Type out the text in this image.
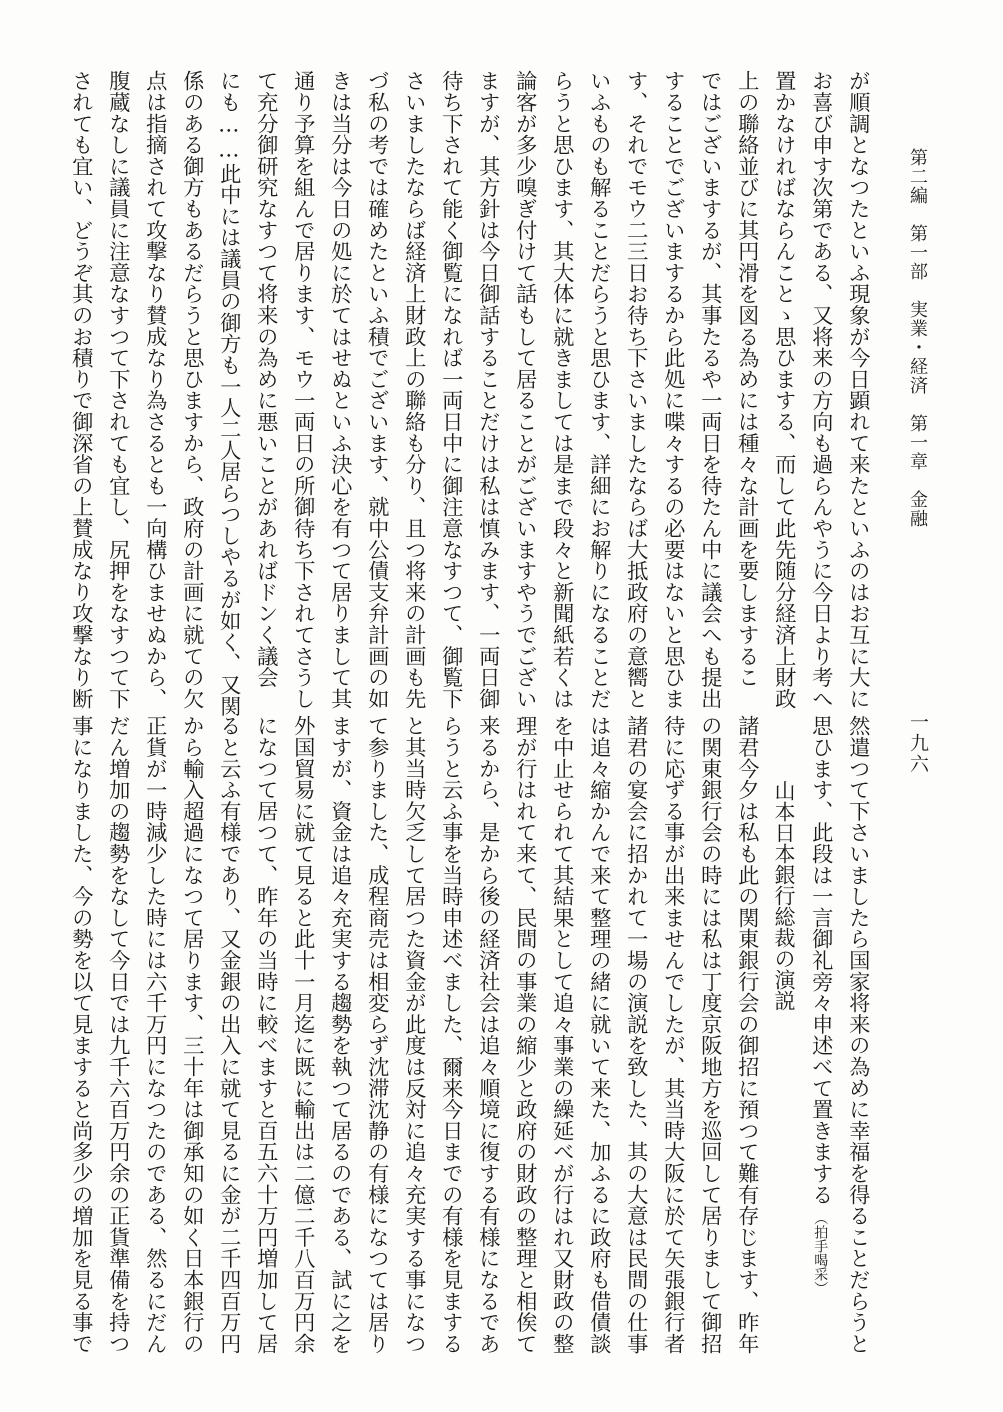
第二編　第一部　実業・経済　第一章　金融
一九六
が順調となつたといふ現象が今日顕れて来たといふのはお互に大に
お喜び申す次第である、又将来の方向も過らんやうに今日より考へ
置かなければならんことゝ思ひまする、而して此先随分経済上財政
上の聯絡並びに其円滑を図る為めには種々な計画を要しまするこ
ではございまするが、其事たるや一両日を待たん中に議会へも提出
することでございまするから此処に喋々するの必要はないと思ひま
す、それでモウ二三日お待ち下さいましたならば大抵政府の意嚮と
いふものも解ることだらうと思ひます、詳細にお解りになることだ
らうと思ひます、其大体に就きましては是まで段々と新聞紙若くは
論客が多少嗅ぎ付けて話もして居ることがございますやうでござい
ますが、其方針は今日御話することだけは私は慎みます、一両日御
待ち下されて能く御覧になれば一両日中に御注意なすつて、御覧下
さいましたならば経済上財政上の聯絡も分り、且つ将来の計画も先
づ私の考では確めたといふ積でございます、就中公債支弁計画の如
きは当分は今日の処に於てはせぬといふ決心を有つて居りまして其
通り予算を組んで居ります、モウ一両日の所御待ち下されてさうし
て充分御研究なすつて将来の為めに悪いことがあればドンく議会
にも……此中には議員の御方も一人二人居らつしやるが如く、又関
係のある御方もあるだらうと思ひますから、政府の計画に就ての欠
点は指摘されて攻撃なり賛成なり為さるとも一向構ひませぬから、
腹蔵なしに議員に注意なすつて下されても宜し、尻押をなすつて下
されても宜い、どうぞ其のお積りで御深省の上賛成なり攻撃なり断
然遣つて下さいましたら国家将来の為めに幸福を得ることだらうと
思ひます、此段は一言御礼旁々申述べて置きまする（拍手喝采）
山本日本銀行総裁の演説
諸君今夕は私も此の関東銀行会の御招に預つて難有存じます、昨年
の関東銀行会の時には私は丁度京阪地方を巡回して居りまして御招
待に応ずる事が出来ませんでしたが、其当時大阪に於て矢張銀行者
諸君の宴会に招かれて一場の演説を致した、其の大意は民間の仕事
は追々縮かんで来て整理の緒に就いて来た、加ふるに政府も借債談
を中止せられて其結果として追々事業の繰延べが行はれ又財政の整
理が行はれて来て、民間の事業の縮少と政府の財政の整理と相俟て
来るから、是から後の経済社会は追々順境に復する有様になるであ
らうと云ふ事を当時申述べました、爾来今日までの有様を見まする
と其当時欠乏して居つた資金が此度は反対に追々充実する事になつ
て参りました、成程商売は相変らず沈滞沈静の有様になつては居り
ますが、資金は追々充実する趨勢を執つて居るのである、試に之を
外国貿易に就て見ると此十一月迄に既に輸出は二億二千八百万円余
になつて居つて、昨年の当時に較べますと百五六十万円増加して居
ると云ふ有様であり、又金銀の出入に就て見るに金が二千四百万円
から輸入超過になつて居ります、三十年は御承知の如く日本銀行の
正貨が一時減少した時には六千万円になつたのである、然るにだん
だん増加の趨勢をなして今日では九千六百万円余の正貨準備を持つ
事になりました、今の勢を以て見ますると尚多少の増加を見る事で
